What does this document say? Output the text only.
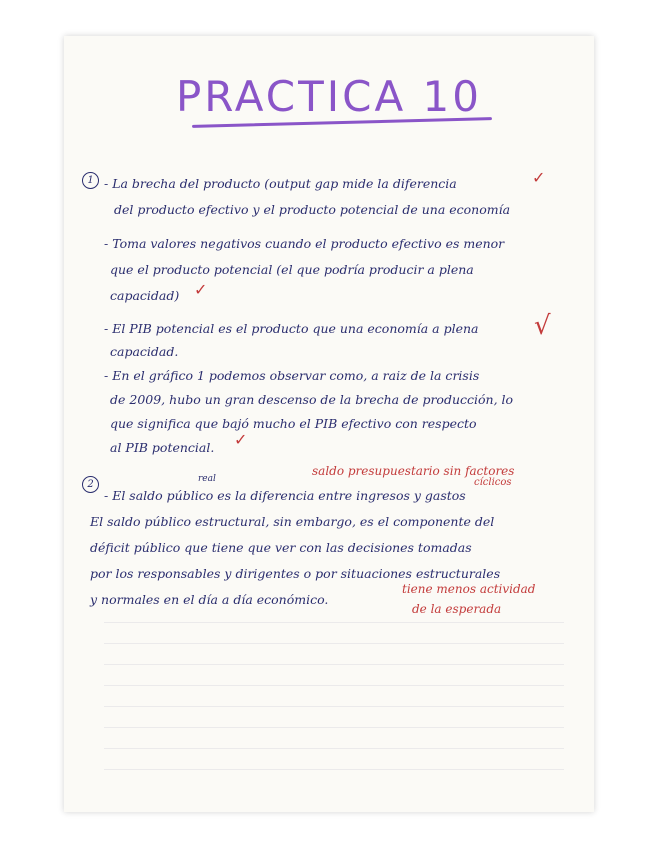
PRACTICA 10
1 - La brecha del producto (output gap mide la diferencia	✓
del producto efectivo y el producto potencial de una economía
- Toma valores negativos cuando el producto efectivo es menor
que el producto potencial (el que podría producir a plena
capacidad) ✓
- El PIB potencial es el producto que una economía a plena √
capacidad.
- En el gráfico 1 podemos observar como, a raiz de la crisis
de 2009, hubo un gran descenso de la brecha de producción, lo
que significa que bajó mucho el PIB efectivo con respecto
al PIB potencial. ✓
saldo presupuestario sin factores
cíclicos
real
2
- El saldo público es la diferencia entre ingresos y gastos
El saldo público estructural, sin embargo, es el componente del
déficit público que tiene que ver con las decisiones tomadas
por los responsables y dirigentes o por situaciones estructurales
y normales en el día a día económico.
tiene menos actividad
de la esperada
